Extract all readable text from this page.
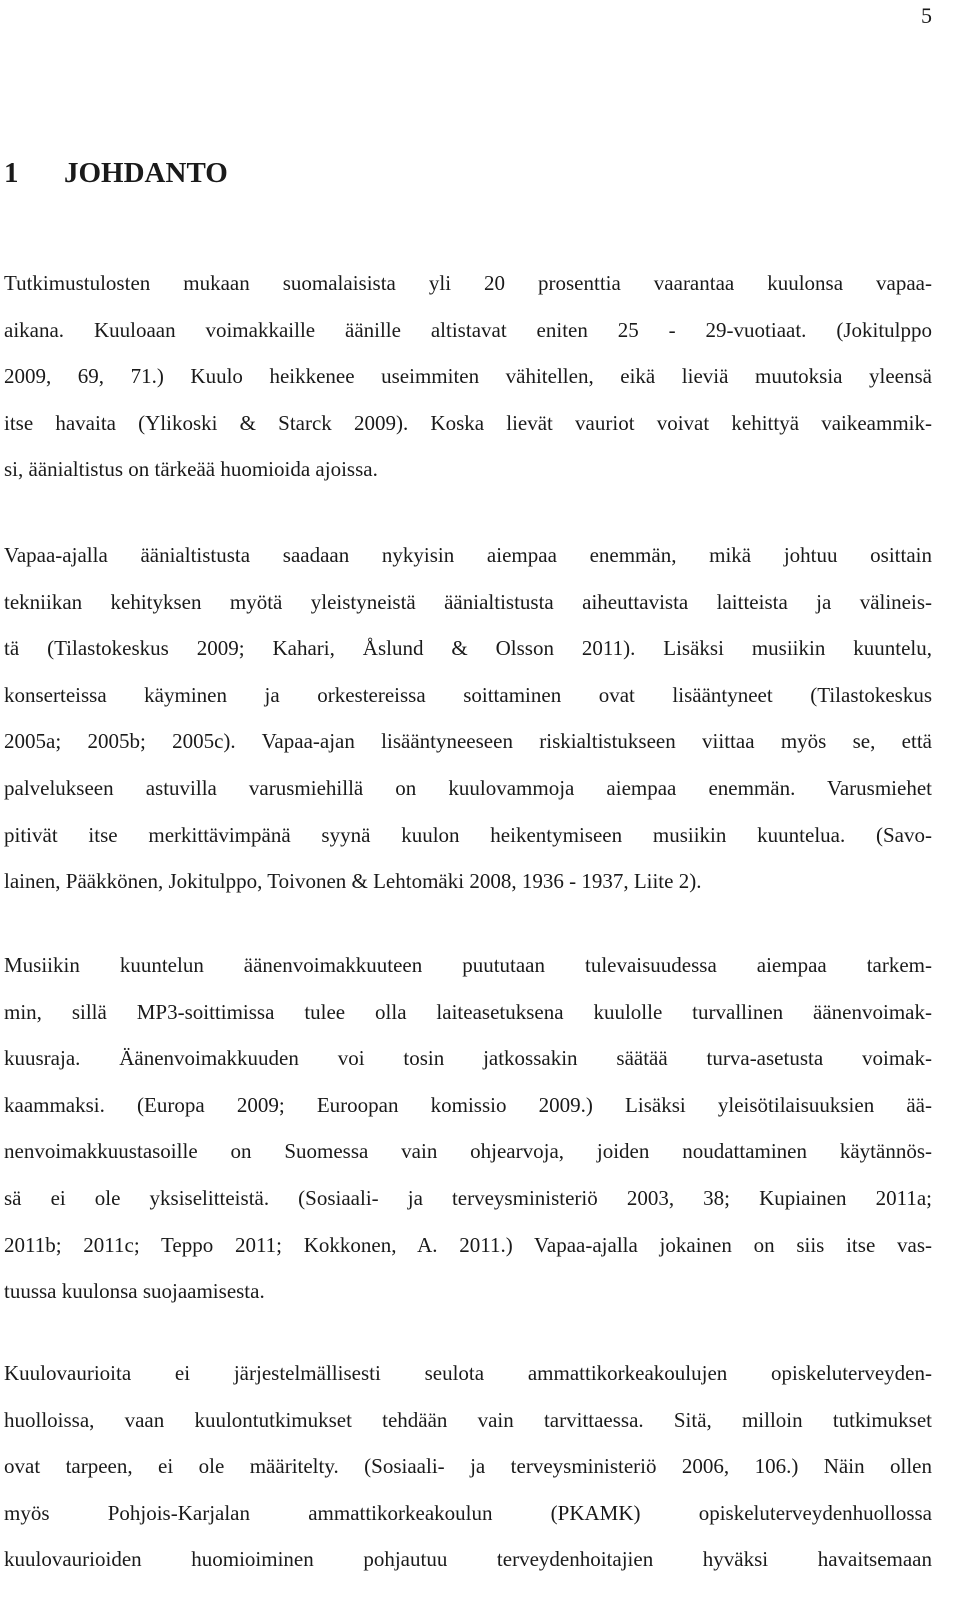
5
1 JOHDANTO

Tutkimustulosten mukaan suomalaisista yli 20 prosenttia vaarantaa kuulonsa vapaa-
aikana. Kuuloaan voimakkaille äänille altistavat eniten 25 - 29-vuotiaat. (Jokitulppo
2009, 69, 71.) Kuulo heikkenee useimmiten vähitellen, eikä lieviä muutoksia yleensä
itse havaita (Ylikoski & Starck 2009). Koska lievät vauriot voivat kehittyä vaikeammik-
si, äänialtistus on tärkeää huomioida ajoissa.

Vapaa-ajalla äänialtistusta saadaan nykyisin aiempaa enemmän, mikä johtuu osittain
tekniikan kehityksen myötä yleistyneistä äänialtistusta aiheuttavista laitteista ja välineis-
tä (Tilastokeskus 2009; Kahari, Åslund & Olsson 2011). Lisäksi musiikin kuuntelu,
konserteissa käyminen ja orkestereissa soittaminen ovat lisääntyneet (Tilastokeskus
2005a; 2005b; 2005c). Vapaa-ajan lisääntyneeseen riskialtistukseen viittaa myös se, että
palvelukseen astuvilla varusmiehillä on kuulovammoja aiempaa enemmän. Varusmiehet
pitivät itse merkittävimpänä syynä kuulon heikentymiseen musiikin kuuntelua. (Savo-
lainen, Pääkkönen, Jokitulppo, Toivonen & Lehtomäki 2008, 1936 - 1937, Liite 2).

Musiikin kuuntelun äänenvoimakkuuteen puututaan tulevaisuudessa aiempaa tarkem-
min, sillä MP3-soittimissa tulee olla laiteasetuksena kuulolle turvallinen äänenvoimak-
kuusraja. Äänenvoimakkuuden voi tosin jatkossakin säätää turva-asetusta voimak-
kaammaksi. (Europa 2009; Euroopan komissio 2009.) Lisäksi yleisötilaisuuksien ää-
nenvoimakkuustasoille on Suomessa vain ohjearvoja, joiden noudattaminen käytännös-
sä ei ole yksiselitteistä. (Sosiaali- ja terveysministeriö 2003, 38; Kupiainen 2011a;
2011b; 2011c; Teppo 2011; Kokkonen, A. 2011.) Vapaa-ajalla jokainen on siis itse vas-
tuussa kuulonsa suojaamisesta.

Kuulovaurioita ei järjestelmällisesti seulota ammattikorkeakoulujen opiskeluterveyden-
huolloissa, vaan kuulontutkimukset tehdään vain tarvittaessa. Sitä, milloin tutkimukset
ovat tarpeen, ei ole määritelty. (Sosiaali- ja terveysministeriö 2006, 106.) Näin ollen
myös Pohjois-Karjalan ammattikorkeakoulun (PKAMK) opiskeluterveydenhuollossa
kuulovaurioiden huomioiminen pohjautuu terveydenhoitajien hyväksi havaitsemaan
